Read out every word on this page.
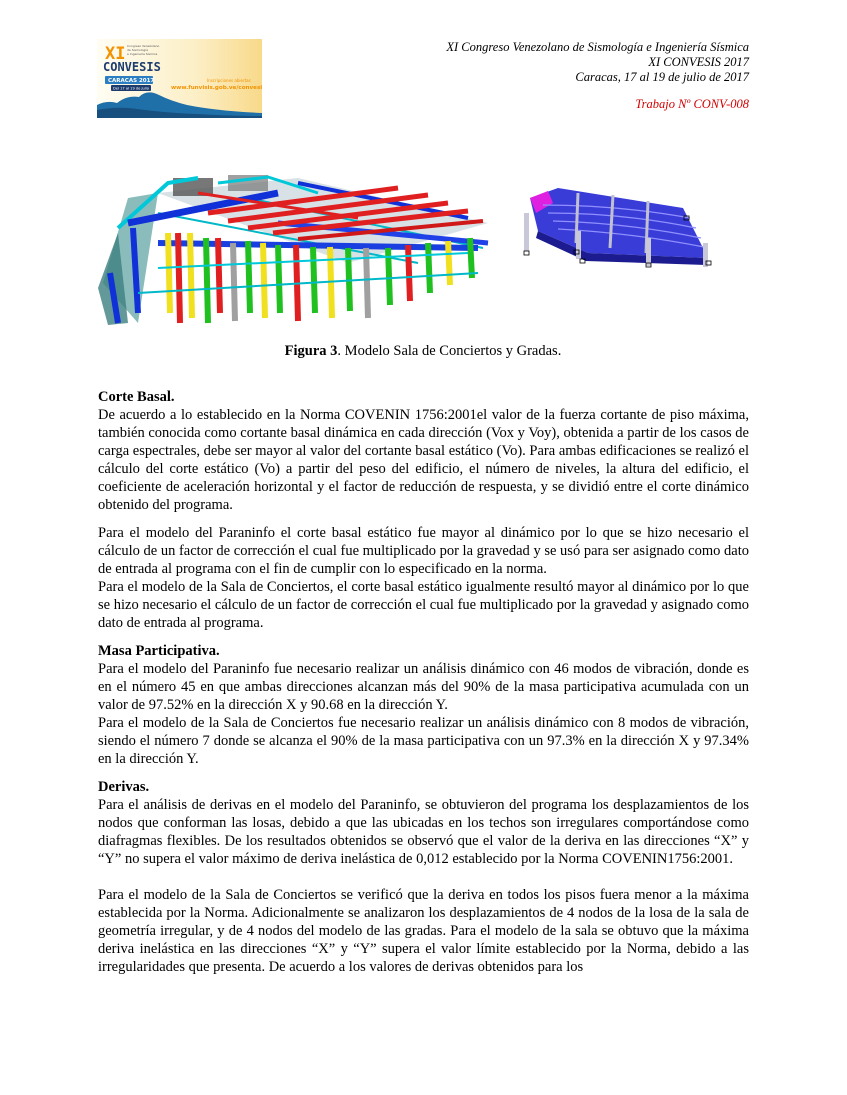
XI
CONVESIS
Congreso Venezolano
de Sismología
e Ingeniería Sísmica
CARACAS 2017
Del 17 al 19 de julio
Inscripciones abiertas
www.funvisis.gob.ve/convesis
XI Congreso Venezolano de Sismología e Ingeniería Sísmica
XI CONVESIS 2017
Caracas, 17 al 19 de julio de 2017
Trabajo Nº CONV-008
Figura 3. Modelo Sala de Conciertos y Gradas.
Corte Basal.

De acuerdo a lo establecido en la Norma COVENIN 1756:2001el valor de la fuerza cortante de piso máxima, también conocida como cortante basal dinámica en cada dirección (Vox y Voy), obtenida a partir de los casos de carga espectrales, debe ser mayor al valor del cortante basal estático (Vo). Para ambas edificaciones se realizó el cálculo del corte estático (Vo) a partir del peso del edificio, el número de niveles, la altura del edificio, el coeficiente de aceleración horizontal y el factor de reducción de respuesta, y se dividió entre el corte dinámico obtenido del programa.

Para el modelo del Paraninfo el corte basal estático fue mayor al dinámico por lo que se hizo necesario el cálculo de un factor de corrección el cual fue multiplicado por la gravedad y se usó para ser asignado como dato de entrada al programa con el fin de cumplir con lo especificado en la norma.

Para el modelo de la Sala de Conciertos, el corte basal estático igualmente resultó mayor al dinámico por lo que se hizo necesario el cálculo de un factor de corrección el cual fue multiplicado por la gravedad y asignado como dato de entrada al programa.

Masa Participativa.

Para el modelo del Paraninfo fue necesario realizar un análisis dinámico con 46 modos de vibración, donde es en el número 45 en que ambas direcciones alcanzan más del 90% de la masa participativa acumulada con un valor de 97.52% en la dirección X y 90.68 en la dirección Y.

Para el modelo de la Sala de Conciertos fue necesario realizar un análisis dinámico con 8 modos de vibración, siendo el número 7 donde se alcanza el 90% de la masa participativa con un 97.3% en la dirección X y 97.34% en la dirección Y.

Derivas.

Para el análisis de derivas en el modelo del Paraninfo, se obtuvieron del programa los desplazamientos de los nodos que conforman las losas, debido a que las ubicadas en los techos son irregulares comportándose como diafragmas flexibles. De los resultados obtenidos se observó que el valor de la deriva en las direcciones “X” y “Y” no supera el valor máximo de deriva inelástica de 0,012 establecido por la Norma COVENIN1756:2001.

Para el modelo de la Sala de Conciertos se verificó que la deriva en todos los pisos fuera menor a la máxima establecida por la Norma. Adicionalmente se analizaron los desplazamientos de 4 nodos de la losa de la sala de geometría irregular, y de 4 nodos del modelo de las gradas. Para el modelo de la sala se obtuvo que la máxima deriva inelástica en las direcciones “X” y “Y” supera el valor límite establecido por la Norma, debido a las irregularidades que presenta. De acuerdo a los valores de derivas obtenidos para los
